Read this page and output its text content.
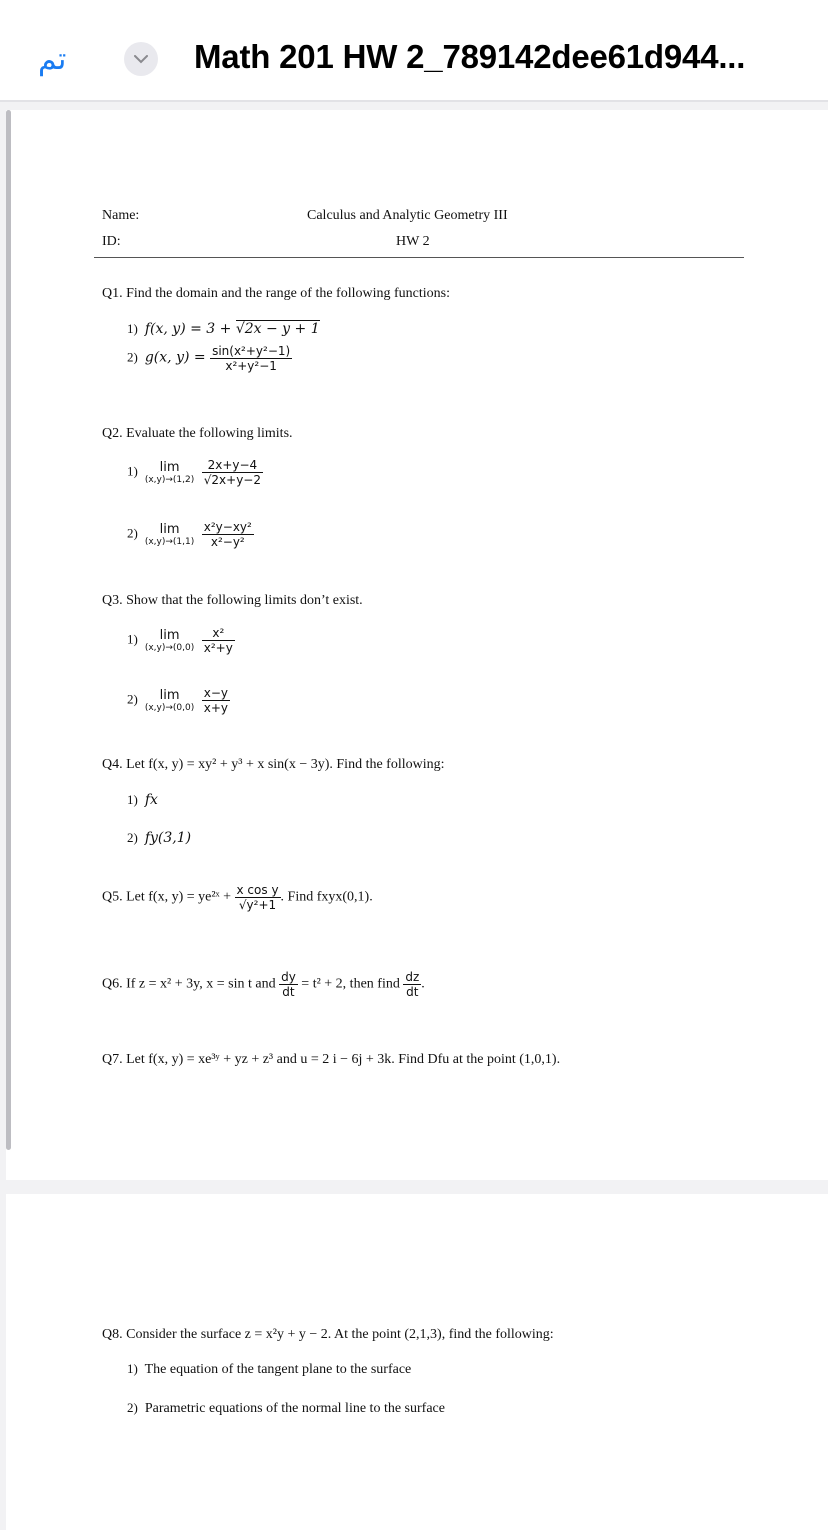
تم	Math 201 HW 2_789142dee61d944...
Name:
ID:
Calculus and Analytic Geometry III
HW 2
Q1. Find the domain and the range of the following functions:
1) f(x, y) = 3 + √2x − y + 1
2) g(x, $y) = \frac{\text{sin(x²+y²−1)}}{\text{x²+y²−1}}$
Q2. Evaluate the following limits.
1)	lim
(x,y)→(1,2)
$\frac{2x+y-4}{√2x+y-2}$
2)	lim
(x,y)→(1,1)
$\frac{\text{x²y−xy²}}{\text{x²−y²}}$
Q3. Show that the following limits don’t exist.
1)	lim
(x,y)→(0,0)
$\frac{\text{x²}}{\text{x²+y}}$
2)	lim
(x,y)→(0,0)
$\frac{x-y}{x+y}$
Q4. Let f(x, y) = xy² + y³ + x sin(x − 3y). Find the following:
1) fx
2) fy(3,1)
Q5. Let f(x, y) = ye²ˣ + $\frac{\text{x cos y}}{\text{√y²+1}}$ . Find fxyx(0,1).
Q6. If z = x² + 3y, x = sin t and $\frac{dy}{dt} = t^2 + 2$, then find $\frac{dz}{dt}$ .
Q7. Let f(x, y) = xe³ʸ + yz + z³ and u = 2 i − 6j + 3k. Find Dfu at the point (1,0,1).
Q8. Consider the surface z = x²y + y − 2. At the point (2,1,3), find the following:
1) The equation of the tangent plane to the surface
2) Parametric equations of the normal line to the surface
